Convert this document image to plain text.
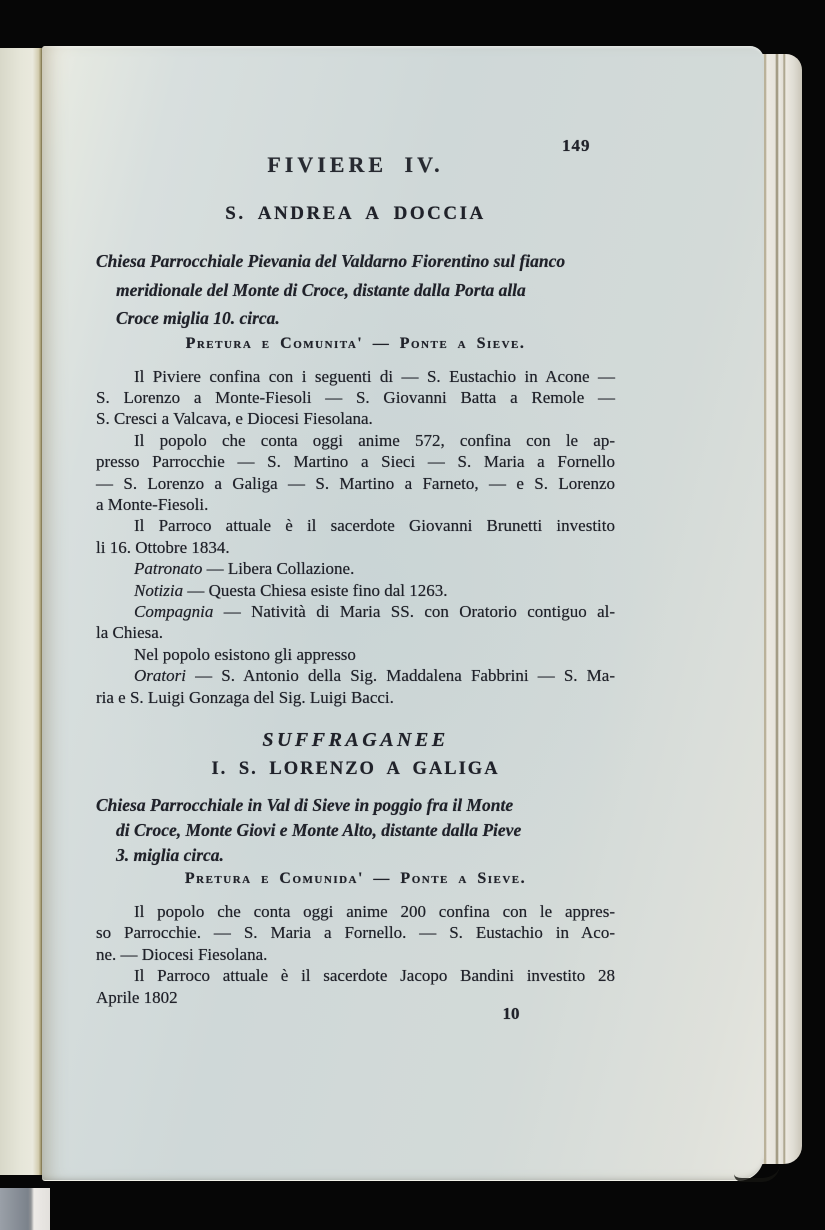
149
FIVIERE IV.
S. ANDREA A DOCCIA
Chiesa Parrocchiale Pievania del Valdarno Fiorentino sul fianco
meridionale del Monte di Croce, distante dalla Porta alla
Croce miglia 10. circa.
Pretura e Comunita' — Ponte a Sieve.
Il Piviere confina con i seguenti di — S. Eustachio in Acone —
S. Lorenzo a Monte-Fiesoli — S. Giovanni Batta a Remole —
S. Cresci a Valcava, e Diocesi Fiesolana.
Il popolo che conta oggi anime 572, confina con le ap-
presso Parrocchie — S. Martino a Sieci — S. Maria a Fornello
— S. Lorenzo a Galiga — S. Martino a Farneto, — e S. Lorenzo
a Monte-Fiesoli.
Il Parroco attuale è il sacerdote Giovanni Brunetti investito
li 16. Ottobre 1834.
Patronato — Libera Collazione.
Notizia — Questa Chiesa esiste fino dal 1263.
Compagnia — Natività di Maria SS. con Oratorio contiguo al-
la Chiesa.
Nel popolo esistono gli appresso
Oratori — S. Antonio della Sig. Maddalena Fabbrini — S. Ma-
ria e S. Luigi Gonzaga del Sig. Luigi Bacci.
SUFFRAGANEE
I. S. LORENZO A GALIGA
Chiesa Parrocchiale in Val di Sieve in poggio fra il Monte
di Croce, Monte Giovi e Monte Alto, distante dalla Pieve
3. miglia circa.
Pretura e Comunida' — Ponte a Sieve.
Il popolo che conta oggi anime 200 confina con le appres-
so Parrocchie. — S. Maria a Fornello. — S. Eustachio in Aco-
ne. — Diocesi Fiesolana.
Il Parroco attuale è il sacerdote Jacopo Bandini investito 28
Aprile 1802
10
